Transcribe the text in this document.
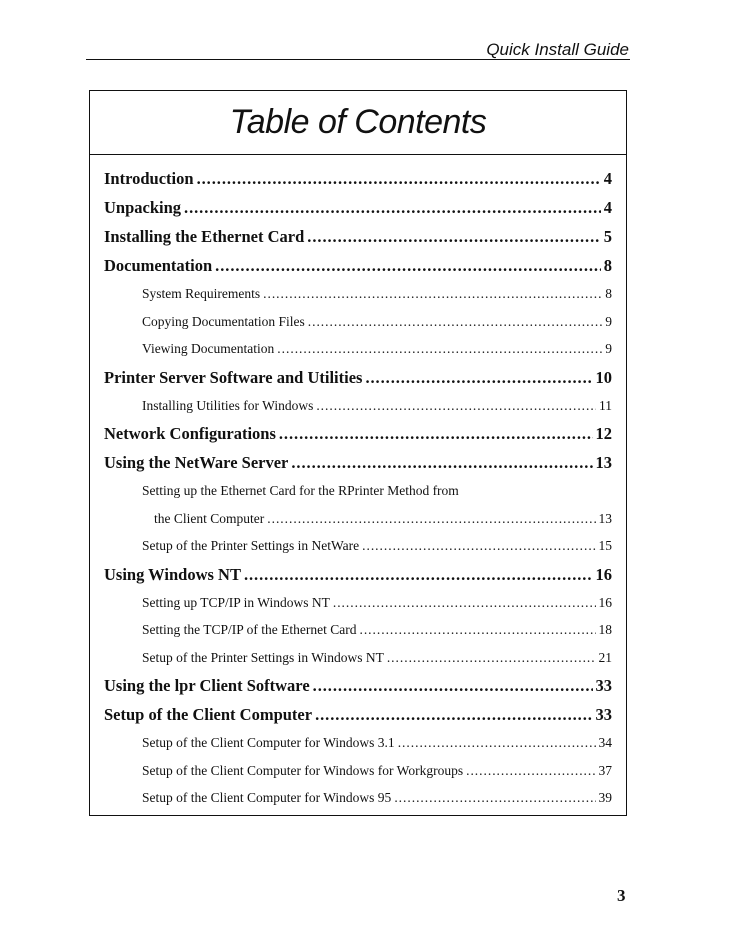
Quick Install Guide
Table of Contents
Introduction . . .	4
Unpacking . . .	4
Installing the Ethernet Card . . .	5
Documentation . . .	8
System Requirements . . .	8
Copying Documentation Files . . .	9
Viewing Documentation . . .	9
Printer Server Software and Utilities . . .	10
Installing Utilities for Windows . . .	11
Network Configurations . . .	12
Using the NetWare Server . . .	13
Setting up the Ethernet Card for the RPrinter Method from
the Client Computer . . .	13
Setup of the Printer Settings in NetWare . . .	15
Using Windows NT . . .	16
Setting up TCP/IP in Windows NT . . .	16
Setting the TCP/IP of the Ethernet Card . . .	18
Setup of the Printer Settings in Windows NT . . .	21
Using the lpr Client Software . . .	33
Setup of the Client Computer . . .	33
Setup of the Client Computer for Windows 3.1 . . .	34
Setup of the Client Computer for Windows for Workgroups . . .	37
Setup of the Client Computer for Windows 95 . . .	39
3
